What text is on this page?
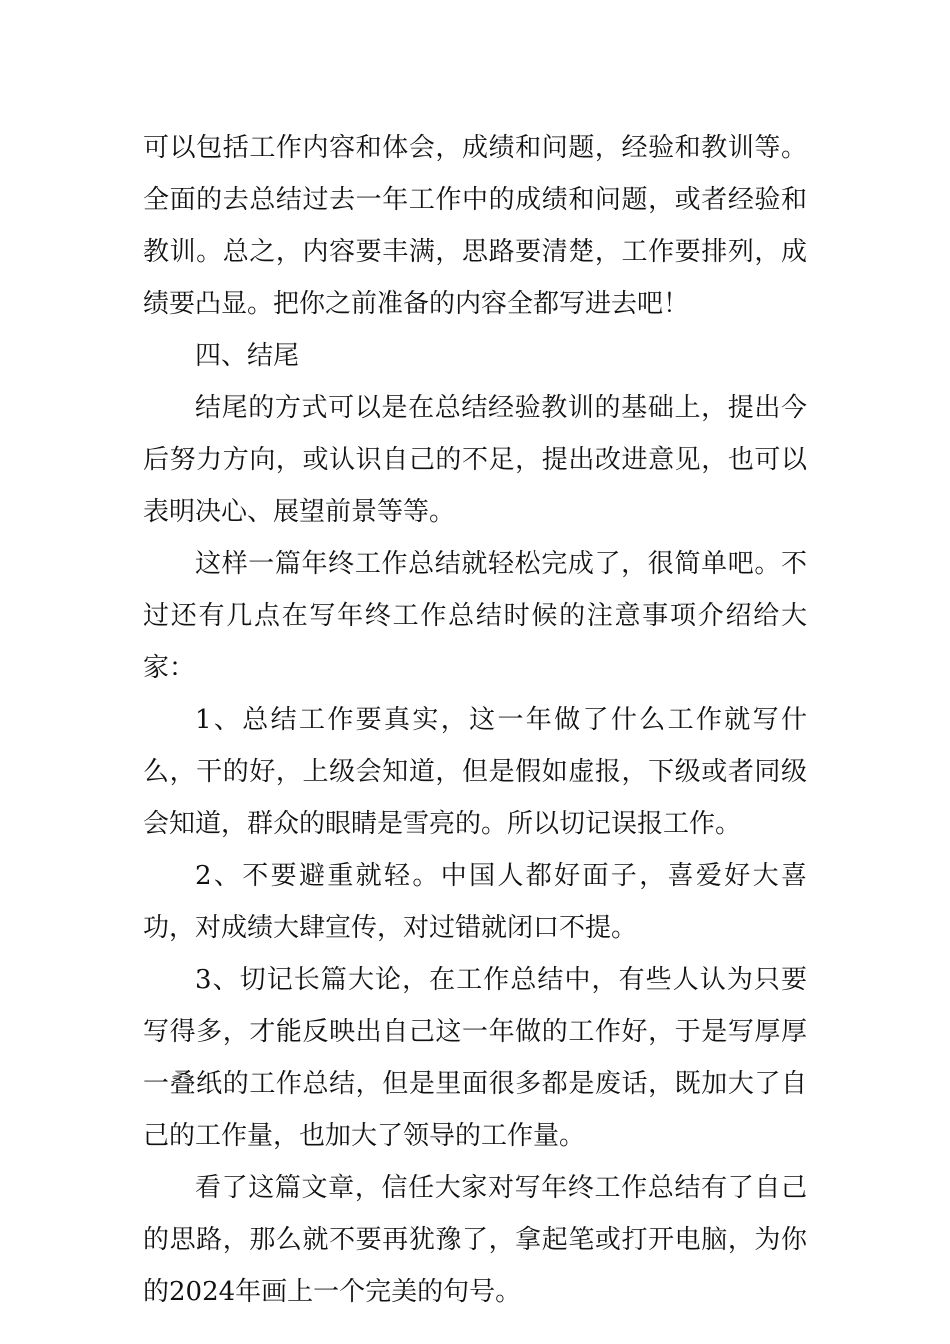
可以包括工作内容和体会，成绩和问题，经验和教训等。全面的去总结过去一年工作中的成绩和问题，或者经验和教训。总之，内容要丰满，思路要清楚，工作要排列，成绩要凸显。把你之前准备的内容全都写进去吧！

四、结尾

结尾的方式可以是在总结经验教训的基础上，提出今后努力方向，或认识自己的不足，提出改进意见，也可以表明决心、展望前景等等。

这样一篇年终工作总结就轻松完成了，很简单吧。不过还有几点在写年终工作总结时候的注意事项介绍给大家：

1、总结工作要真实，这一年做了什么工作就写什么，干的好，上级会知道，但是假如虚报，下级或者同级会知道，群众的眼睛是雪亮的。所以切记误报工作。

2、不要避重就轻。中国人都好面子，喜爱好大喜功，对成绩大肆宣传，对过错就闭口不提。

3、切记长篇大论，在工作总结中，有些人认为只要写得多，才能反映出自己这一年做的工作好，于是写厚厚一叠纸的工作总结，但是里面很多都是废话，既加大了自己的工作量，也加大了领导的工作量。

看了这篇文章，信任大家对写年终工作总结有了自己的思路，那么就不要再犹豫了，拿起笔或打开电脑，为你的2024年画上一个完美的句号。
